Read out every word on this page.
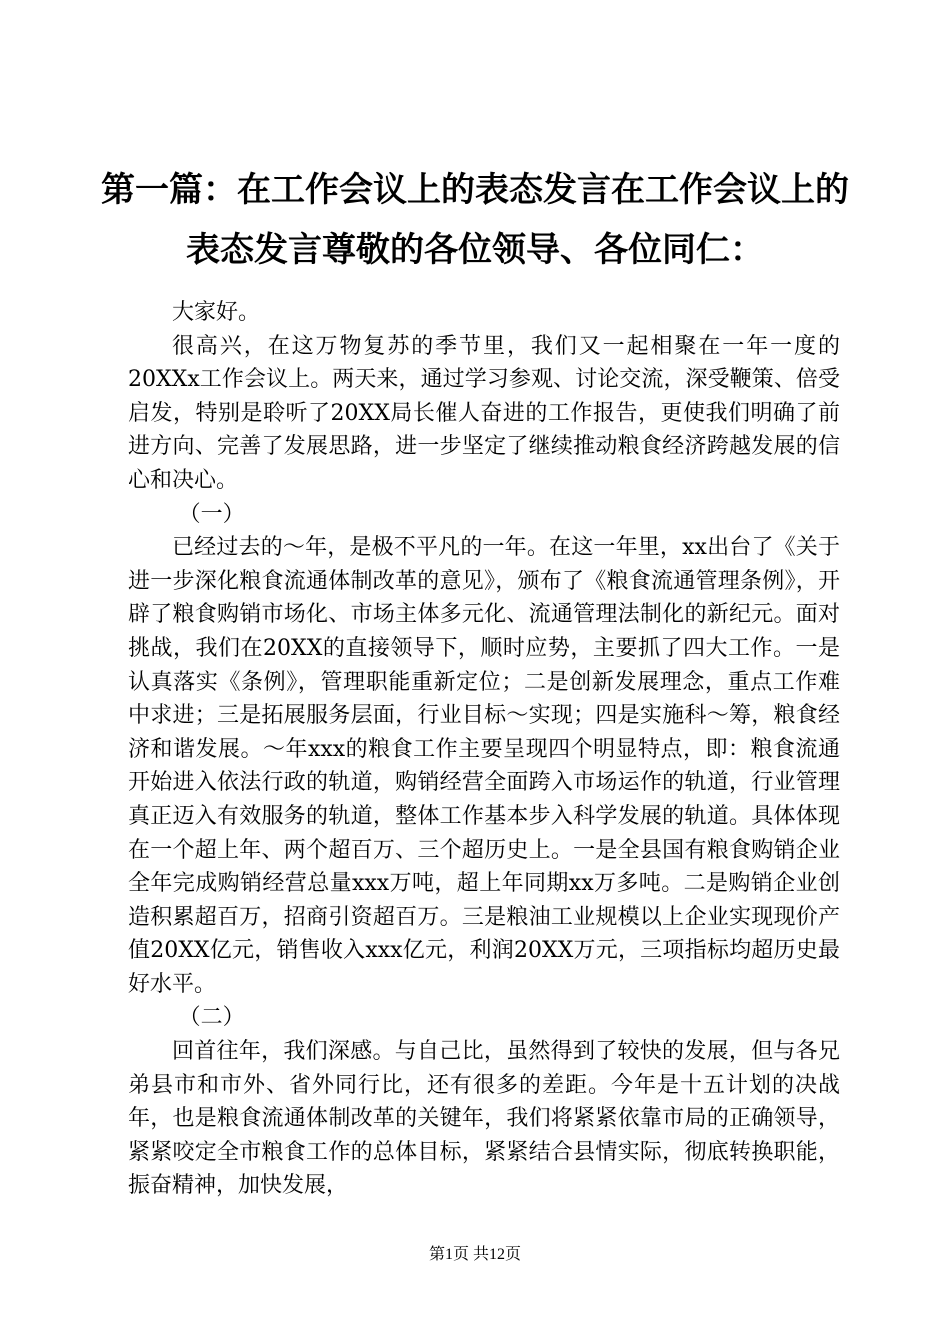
第一篇：在工作会议上的表态发言在工作会议上的表态发言尊敬的各位领导、各位同仁：

大家好。

很高兴，在这万物复苏的季节里，我们又一起相聚在一年一度的20XXx工作会议上。两天来，通过学习参观、讨论交流，深受鞭策、倍受启发，特别是聆听了20XX局长催人奋进的工作报告，更使我们明确了前进方向、完善了发展思路，进一步坚定了继续推动粮食经济跨越发展的信心和决心。

（一）

已经过去的～年，是极不平凡的一年。在这一年里，xx出台了《关于进一步深化粮食流通体制改革的意见》，颁布了《粮食流通管理条例》，开辟了粮食购销市场化、市场主体多元化、流通管理法制化的新纪元。面对挑战，我们在20XX的直接领导下，顺时应势，主要抓了四大工作。一是认真落实《条例》，管理职能重新定位；二是创新发展理念，重点工作难中求进；三是拓展服务层面，行业目标～实现；四是实施科～筹，粮食经济和谐发展。～年xxx的粮食工作主要呈现四个明显特点，即：粮食流通开始进入依法行政的轨道，购销经营全面跨入市场运作的轨道，行业管理真正迈入有效服务的轨道，整体工作基本步入科学发展的轨道。具体体现在一个超上年、两个超百万、三个超历史上。一是全县国有粮食购销企业全年完成购销经营总量xxx万吨，超上年同期xx万多吨。二是购销企业创造积累超百万，招商引资超百万。三是粮油工业规模以上企业实现现价产值20XX亿元，销售收入xxx亿元，利润20XX万元，三项指标均超历史最好水平。

（二）

回首往年，我们深感。与自己比，虽然得到了较快的发展，但与各兄弟县市和市外、省外同行比，还有很多的差距。今年是十五计划的决战年，也是粮食流通体制改革的关键年，我们将紧紧依靠市局的正确领导，紧紧咬定全市粮食工作的总体目标，紧紧结合县情实际，彻底转换职能，振奋精神，加快发展，

第1页 共12页
